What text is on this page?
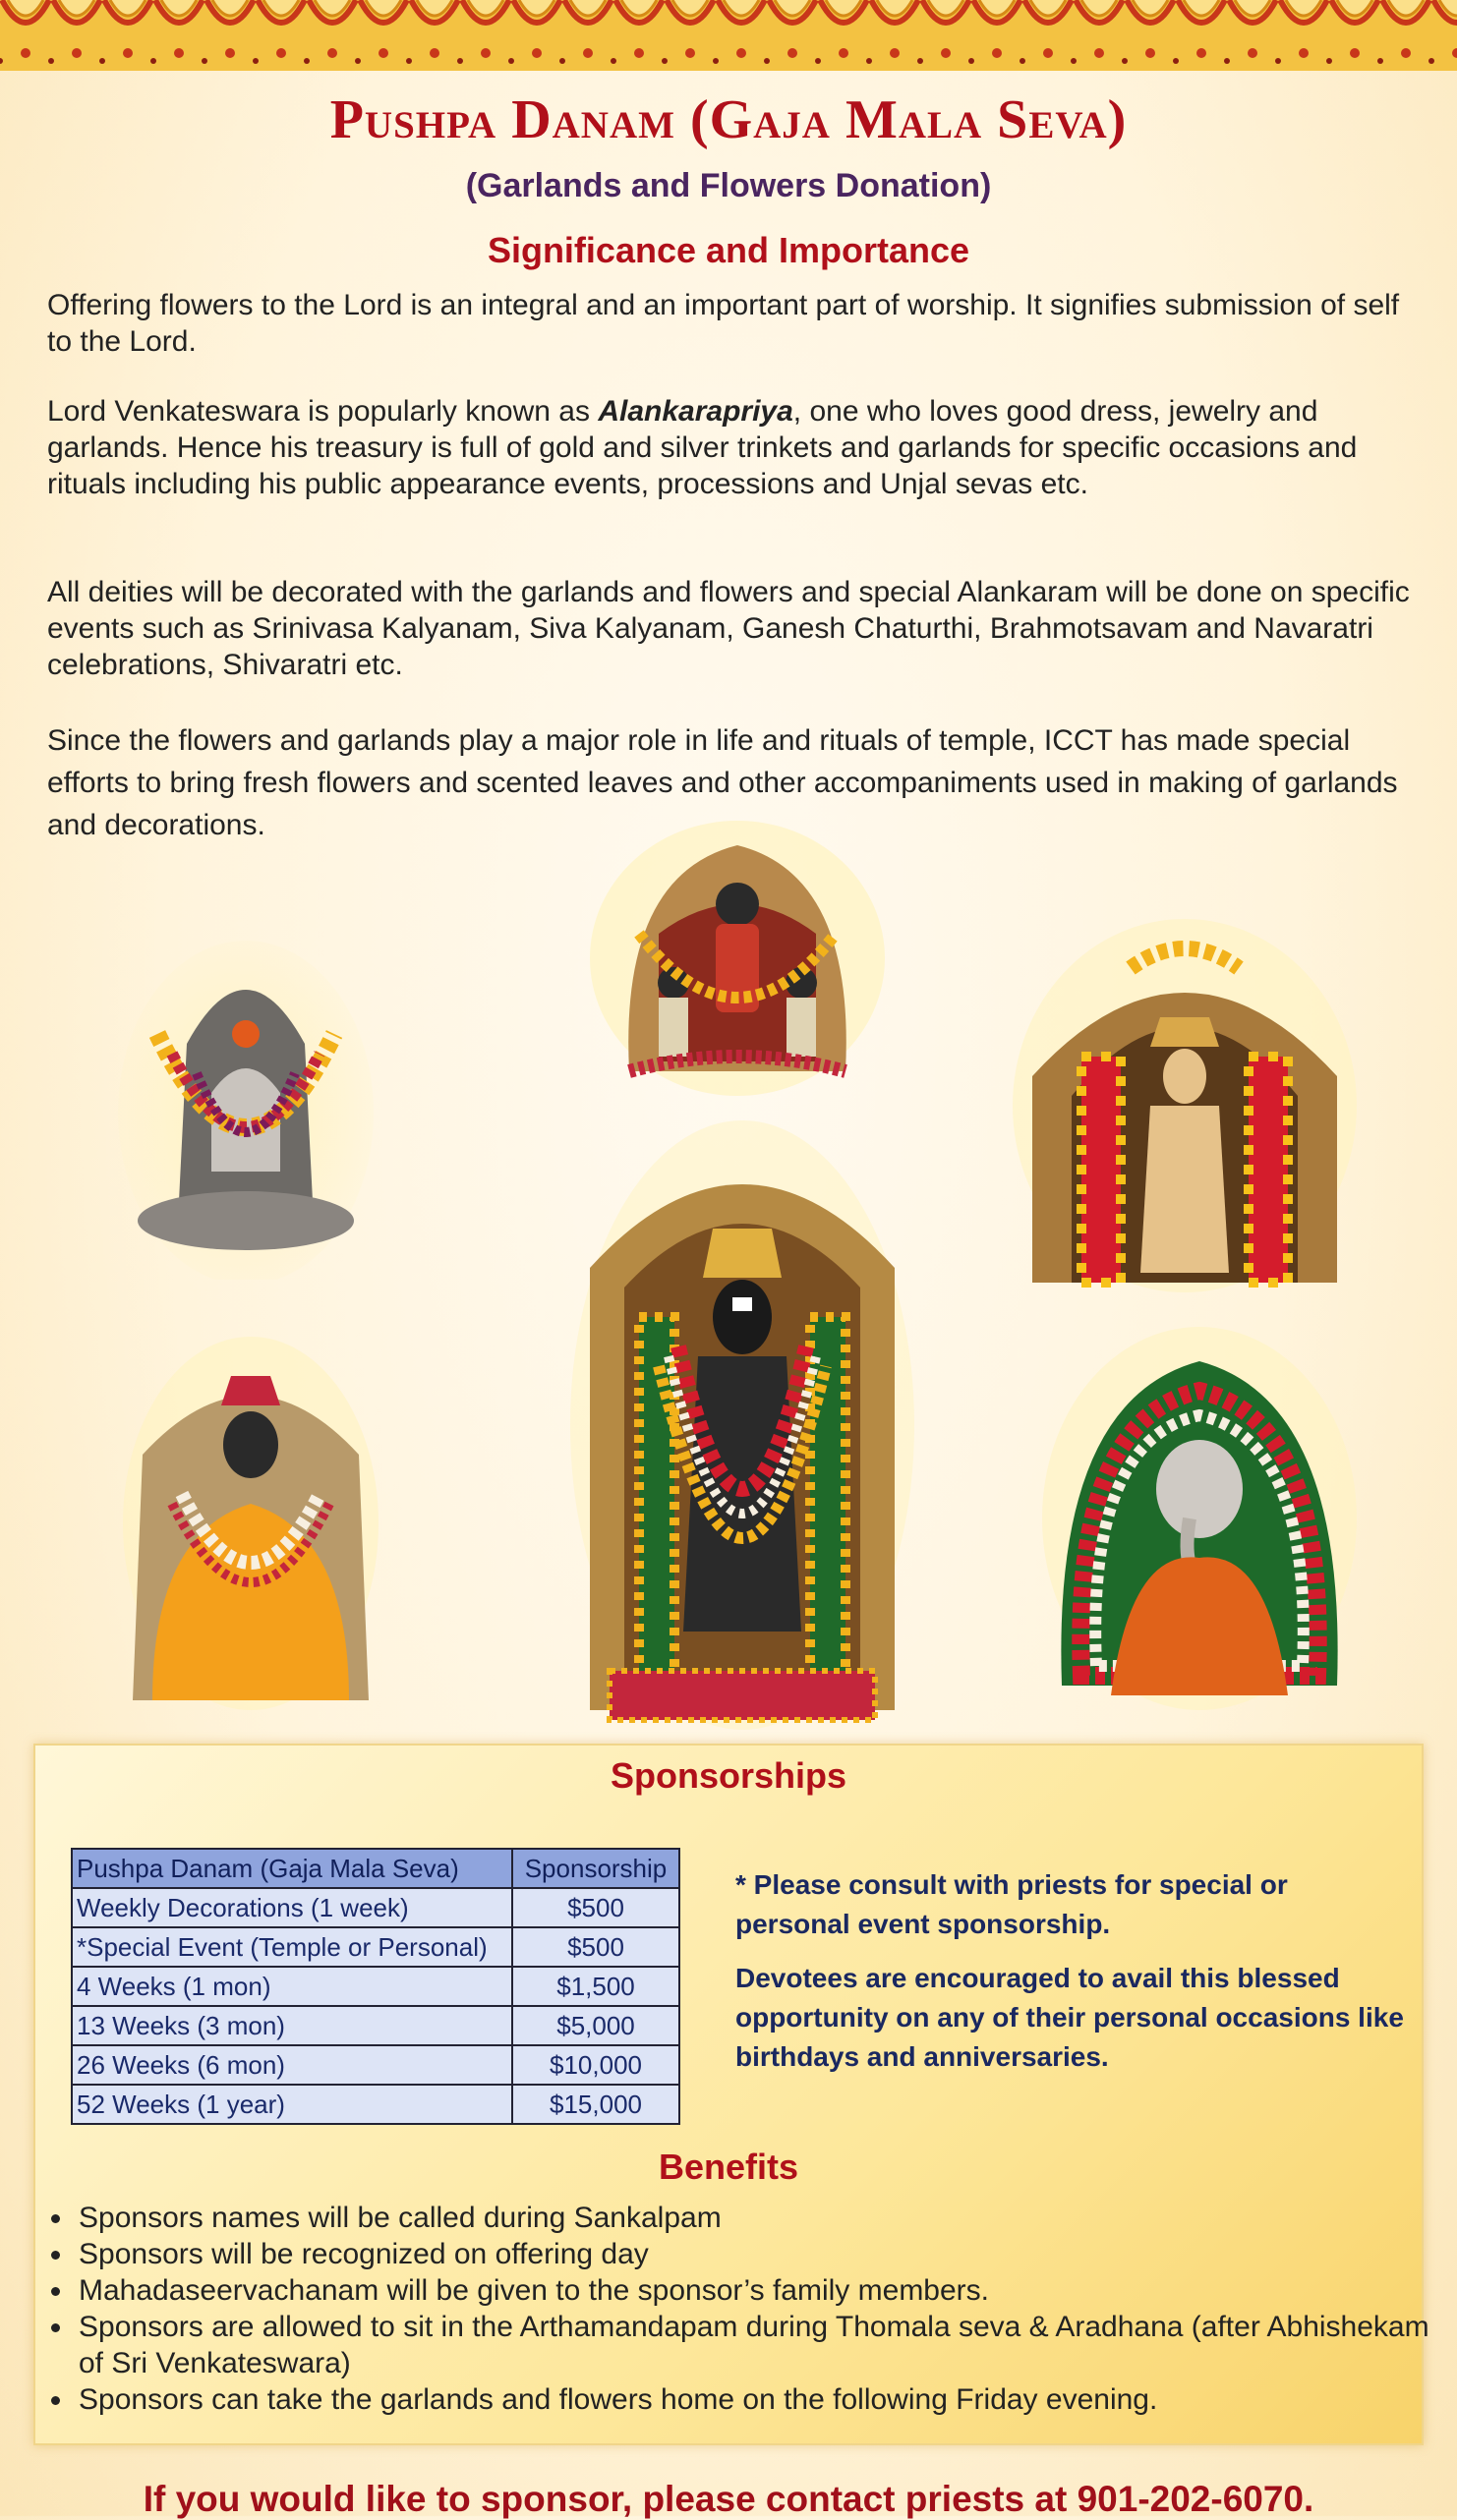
Pushpa Danam (Gaja Mala Seva)
(Garlands and Flowers Donation)
Significance and Importance
Offering flowers to the Lord is an integral and an important part of worship. It signifies submission of self to the Lord.
Lord Venkateswara is popularly known as Alankarapriya, one who loves good dress, jewelry and garlands. Hence his treasury is full of gold and silver trinkets and garlands for specific occasions and rituals including his public appearance events, processions and Unjal sevas etc.
All deities will be decorated with the garlands and flowers and special Alankaram will be done on specific events such as Srinivasa Kalyanam, Siva Kalyanam, Ganesh Chaturthi, Brahmotsavam and Navaratri celebrations, Shivaratri etc.
Since the flowers and garlands play a major role in life and rituals of temple, ICCT has made special efforts to bring fresh flowers and scented leaves and other accompaniments used in making of garlands and decorations.
Sponsorships
Pushpa Danam (Gaja Mala Seva)	Sponsorship
Weekly Decorations (1 week)	$500
*Special Event (Temple or Personal)	$500
4 Weeks (1 mon)	$1,500
13 Weeks (3 mon)	$5,000
26 Weeks (6 mon)	$10,000
52 Weeks (1 year)	$15,000
* Please consult with priests for special or personal event sponsorship.
Devotees are encouraged to avail this blessed opportunity on any of their personal occasions like birthdays and anniversaries.
Benefits
• Sponsors names will be called during Sankalpam
• Sponsors will be recognized on offering day
• Mahadaseervachanam will be given to the sponsor’s family members.
• Sponsors are allowed to sit in the Arthamandapam during Thomala seva & Aradhana (after Abhishekam of Sri Venkateswara)
• Sponsors can take the garlands and flowers home on the following Friday evening.
If you would like to sponsor, please contact priests at 901-202-6070.
